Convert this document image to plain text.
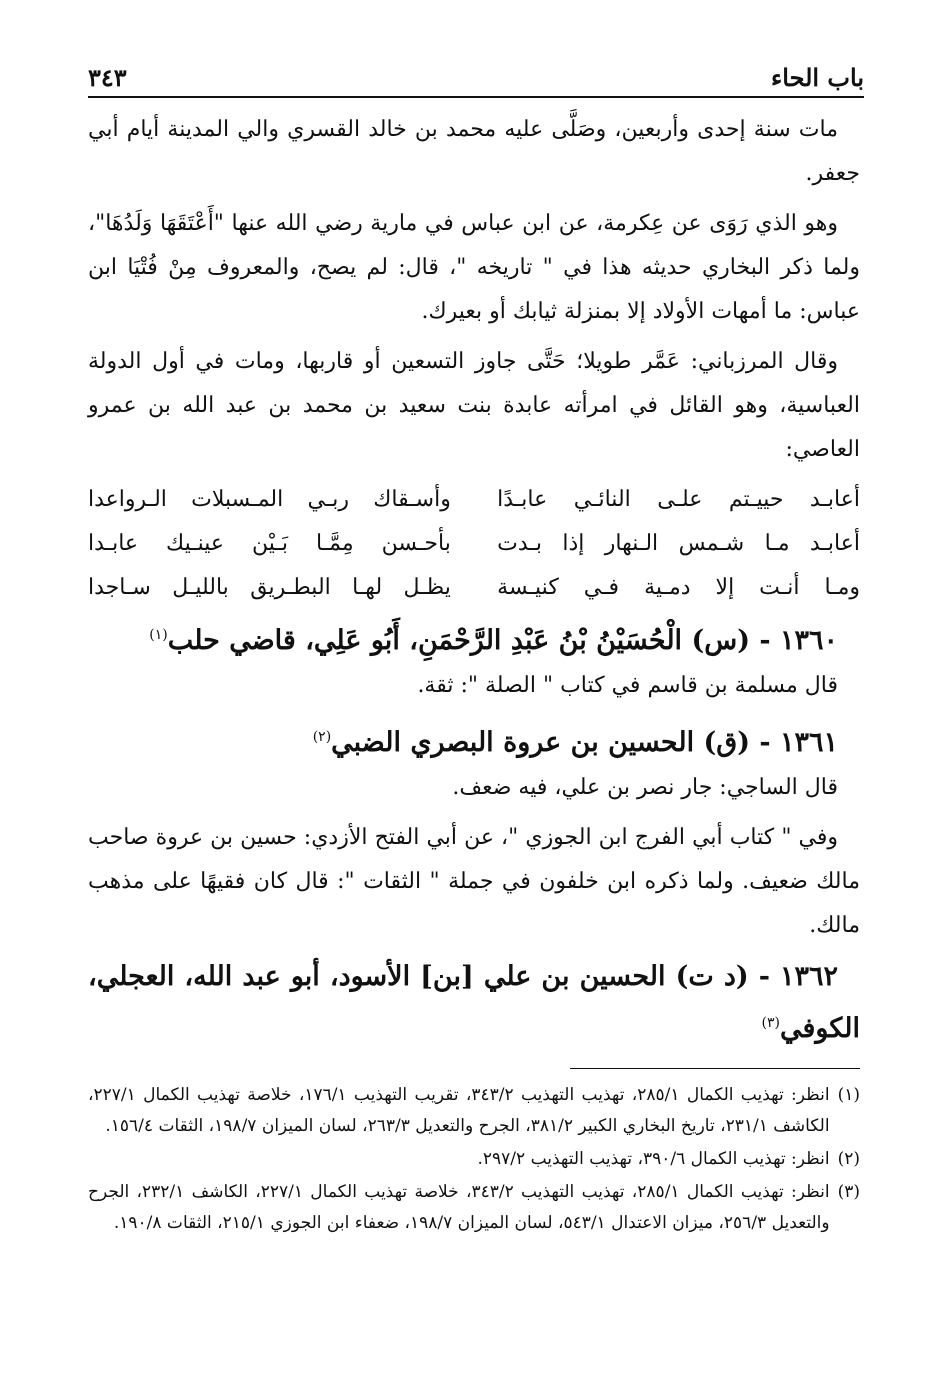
باب الحاء
٣٤٣

مات سنة إحدى وأربعين، وصَلَّى عليه محمد بن خالد القسري والي المدينة أيام أبي جعفر.

وهو الذي رَوَى عن عِكرمة، عن ابن عباس في مارية رضي الله عنها "أَعْتَقَهَا وَلَدُهَا"، ولما ذكر البخاري حديثه هذا في " تاريخه "، قال: لم يصح، والمعروف مِنْ فُتْيَا ابن عباس: ما أمهات الأولاد إلا بمنزلة ثيابك أو بعيرك.

وقال المرزباني: عَمَّر طويلا؛ حَتَّى جاوز التسعين أو قاربها، ومات في أول الدولة العباسية، وهو القائل في امرأته عابدة بنت سعيد بن محمد بن عبد الله بن عمرو العاصي:

أعابـد حييـتم علـى النائـي عابـدًا
وأسـقاك ربـي المـسبلات الـرواعدا
أعابـد مـا شـمس الـنهار إذا بـدت
بأحـسن مِمَّـا بَـيْن عينـيك عابـدا
ومـا أنـت إلا دمـية فـي كنيـسة
يظـل لهـا البطـريق بالليـل سـاجدا
١٣٦٠ - (س) الْحُسَيْنُ بْنُ عَبْدِ الرَّحْمَنِ، أَبُو عَلِي، قاضي حلب$^{(١)}$

قال مسلمة بن قاسم في كتاب " الصلة ": ثقة.

١٣٦١ - (ق) الحسين بن عروة البصري الضبي$^{(٢)}$

قال الساجي: جار نصر بن علي، فيه ضعف.

وفي " كتاب أبي الفرج ابن الجوزي "، عن أبي الفتح الأزدي: حسين بن عروة صاحب مالك ضعيف. ولما ذكره ابن خلفون في جملة " الثقات ": قال كان فقيهًا على مذهب مالك.

١٣٦٢ - (د ت) الحسين بن علي [بن] الأسود، أبو عبد الله، العجلي، الكوفي$^{(٣)}$
(١)
انظر: تهذيب الكمال ٢٨٥/١، تهذيب التهذيب ٣٤٣/٢، تقريب التهذيب ١٧٦/١، خلاصة تهذيب الكمال ٢٢٧/١، الكاشف ٢٣١/١، تاريخ البخاري الكبير ٣٨١/٢، الجرح والتعديل ٢٦٣/٣، لسان الميزان ١٩٨/٧، الثقات ١٥٦/٤.
(٢)
انظر: تهذيب الكمال ٣٩٠/٦، تهذيب التهذيب ٢٩٧/٢.
(٣)
انظر: تهذيب الكمال ٢٨٥/١، تهذيب التهذيب ٣٤٣/٢، خلاصة تهذيب الكمال ٢٢٧/١، الكاشف ٢٣٢/١، الجرح والتعديل ٢٥٦/٣، ميزان الاعتدال ٥٤٣/١، لسان الميزان ١٩٨/٧، ضعفاء ابن الجوزي ٢١٥/١، الثقات ١٩٠/٨.
